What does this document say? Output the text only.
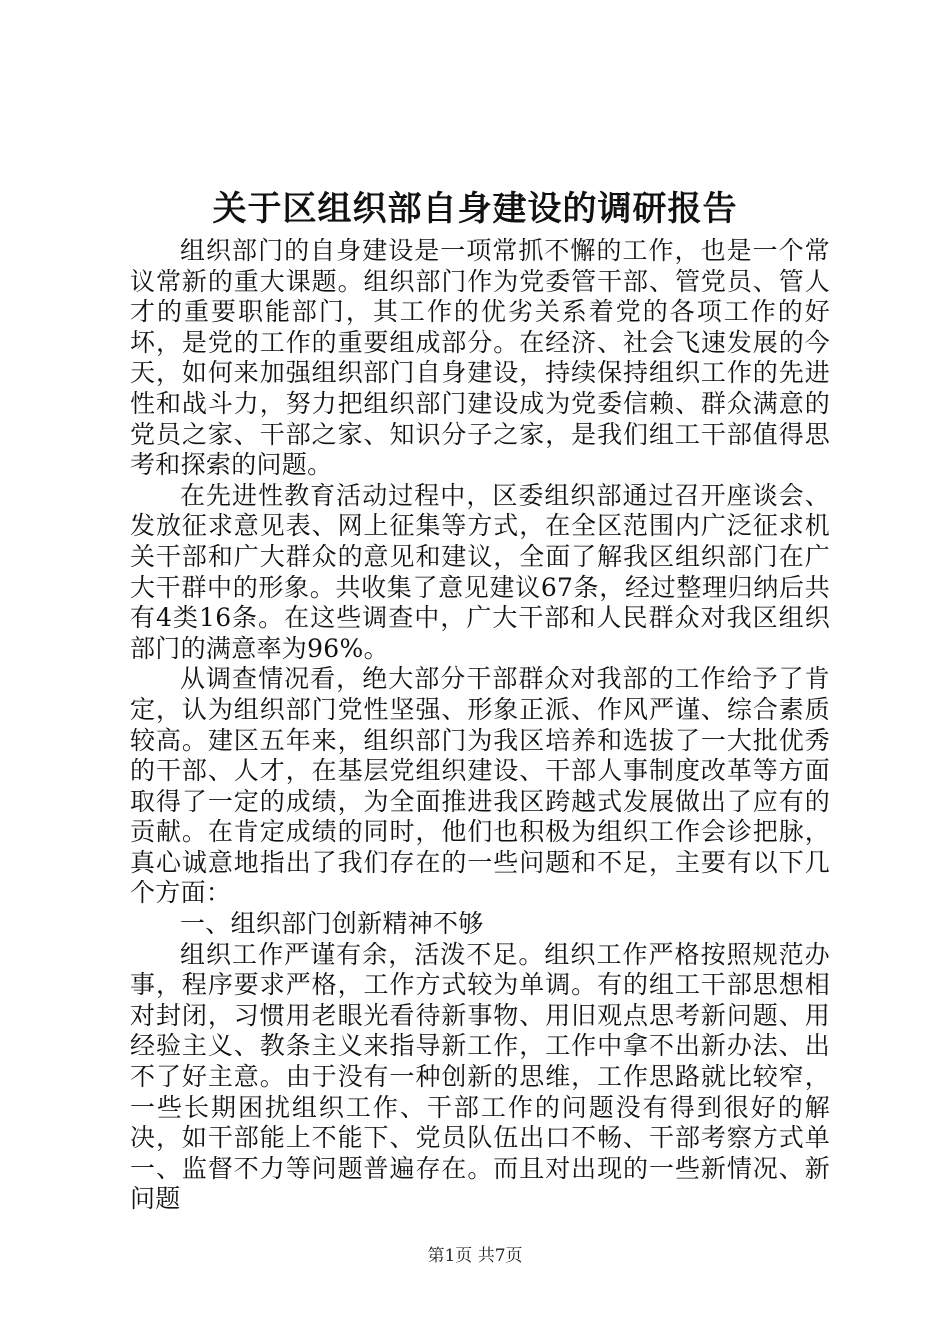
关于区组织部自身建设的调研报告

组织部门的自身建设是一项常抓不懈的工作，也是一个常议常新的重大课题。组织部门作为党委管干部、管党员、管人才的重要职能部门，其工作的优劣关系着党的各项工作的好坏，是党的工作的重要组成部分。在经济、社会飞速发展的今天，如何来加强组织部门自身建设，持续保持组织工作的先进性和战斗力，努力把组织部门建设成为党委信赖、群众满意的党员之家、干部之家、知识分子之家，是我们组工干部值得思考和探索的问题。

在先进性教育活动过程中，区委组织部通过召开座谈会、发放征求意见表、网上征集等方式，在全区范围内广泛征求机关干部和广大群众的意见和建议，全面了解我区组织部门在广大干群中的形象。共收集了意见建议67条，经过整理归纳后共有4类16条。在这些调查中，广大干部和人民群众对我区组织部门的满意率为96%。

从调查情况看，绝大部分干部群众对我部的工作给予了肯定，认为组织部门党性坚强、形象正派、作风严谨、综合素质较高。建区五年来，组织部门为我区培养和选拔了一大批优秀的干部、人才，在基层党组织建设、干部人事制度改革等方面取得了一定的成绩，为全面推进我区跨越式发展做出了应有的贡献。在肯定成绩的同时，他们也积极为组织工作会诊把脉，真心诚意地指出了我们存在的一些问题和不足，主要有以下几个方面：

一、组织部门创新精神不够

组织工作严谨有余，活泼不足。组织工作严格按照规范办事，程序要求严格，工作方式较为单调。有的组工干部思想相对封闭，习惯用老眼光看待新事物、用旧观点思考新问题、用经验主义、教条主义来指导新工作，工作中拿不出新办法、出不了好主意。由于没有一种创新的思维，工作思路就比较窄，一些长期困扰组织工作、干部工作的问题没有得到很好的解决，如干部能上不能下、党员队伍出口不畅、干部考察方式单一、监督不力等问题普遍存在。而且对出现的一些新情况、新问题

第1页 共7页
